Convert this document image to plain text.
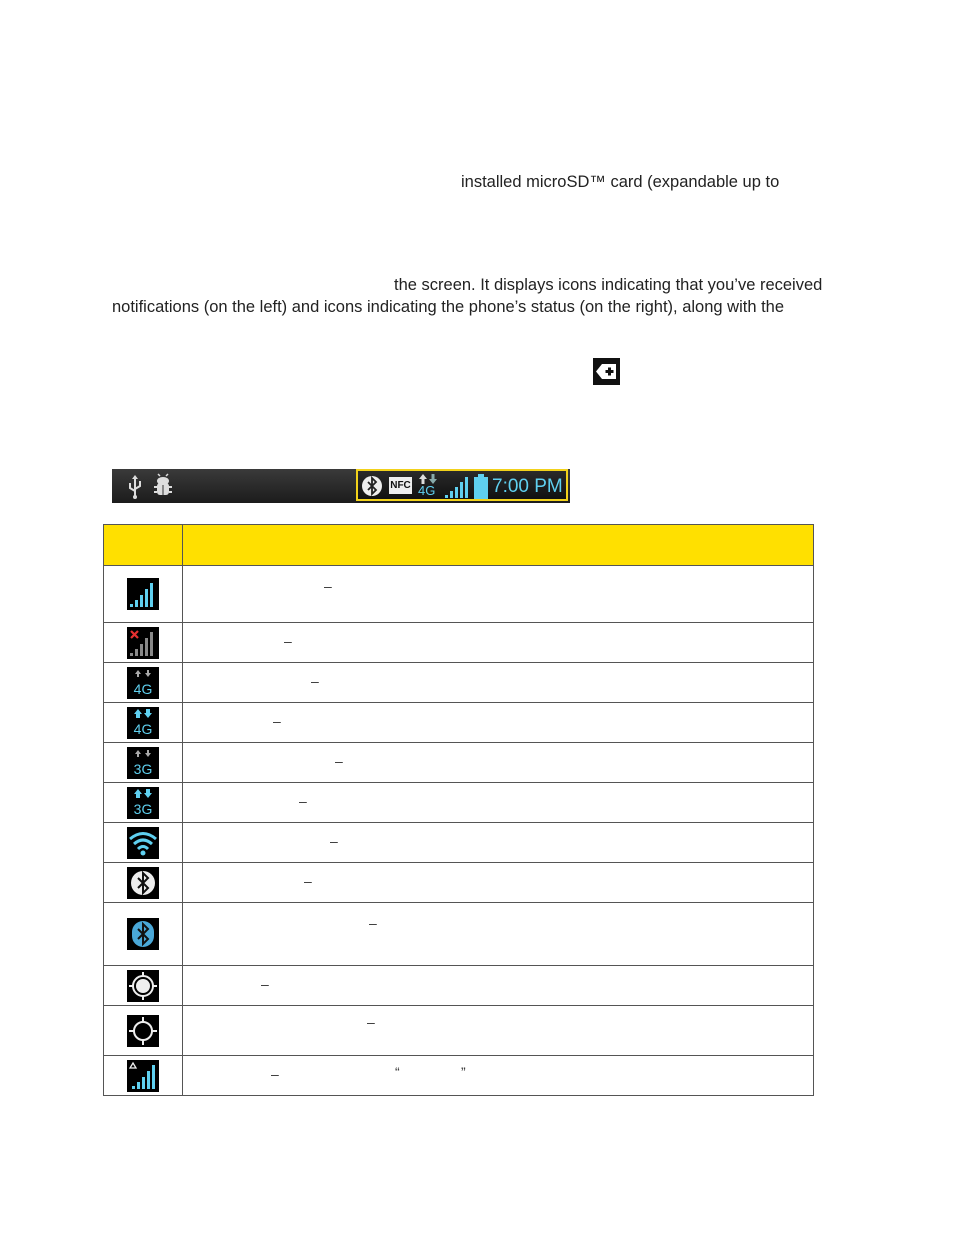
installed microSD™ card (expandable up to
the screen. It displays icons indicating that you’ve received
notifications (on the left) and icons indicating the phone’s status (on the right), along with the
NFC 4G	7:00 PM

–

–

4G	–

4G	–

3G	–

3G	–

–

–

–

–

–

– “ ”
